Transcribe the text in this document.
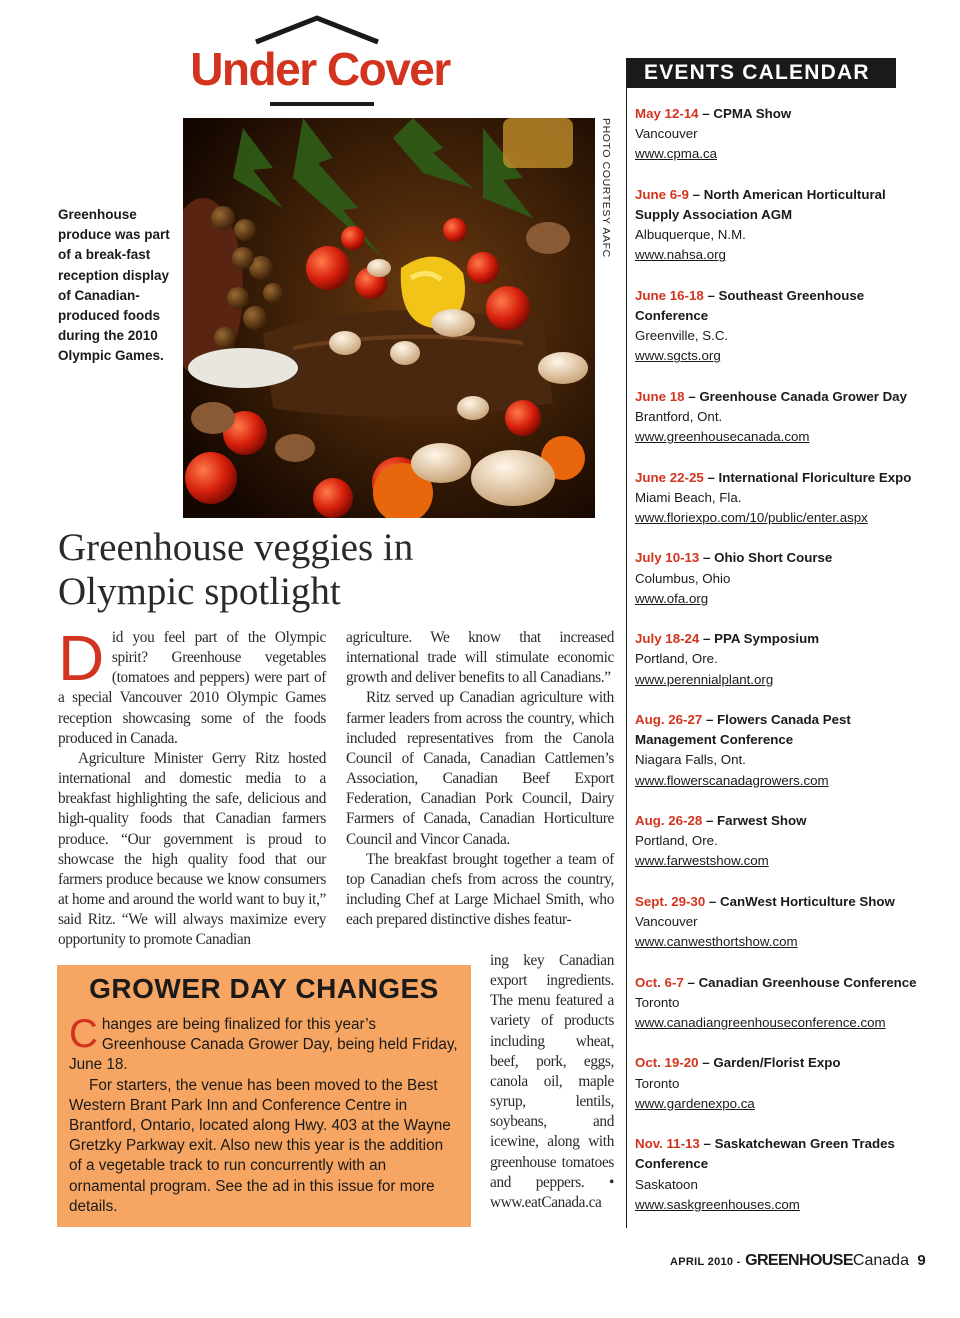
Under Cover
Greenhouse produce was part of a break-fast reception display of Canadian-produced foods during the 2010 Olympic Games.
PHOTO COURTESY AAFC
Greenhouse veggies in
Olympic spotlight

Did you feel part of the Olympic spirit? Greenhouse vegetables (tomatoes and peppers) were part of a special Vancouver 2010 Olympic Games reception showcasing some of the foods produced in Canada.

Agriculture Minister Gerry Ritz hosted international and domestic media to a breakfast highlighting the safe, delicious and high-quality foods that Canadian farmers produce. “Our government is proud to showcase the high quality food that our farmers produce because we know consumers at home and around the world want to buy it,” said Ritz. “We will always maximize every opportunity to promote Canadian

agriculture. We know that increased international trade will stimulate economic growth and deliver benefits to all Canadians.”

Ritz served up Canadian agriculture with farmer leaders from across the country, which included representatives from the Canola Council of Canada, Canadian Cattlemen’s Association, Canadian Beef Export Federation, Canadian Pork Council, Dairy Farmers of Canada, Canadian Horticulture Council and Vincor Canada.

The breakfast brought together a team of top Canadian chefs from across the country, including Chef at Large Michael Smith, who each prepared distinctive dishes featur-

ing key Canadian export ingredients. The menu featured a variety of products including wheat, beef, pork, eggs, canola oil, maple syrup, lentils, soybeans, and icewine, along with greenhouse tomatoes and peppers. • www.eatCanada.ca

GROWER DAY CHANGES

Changes are being finalized for this year’s Greenhouse Canada Grower Day, being held Friday, June 18.

For starters, the venue has been moved to the Best Western Brant Park Inn and Conference Centre in Brantford, Ontario, located along Hwy. 403 at the Wayne Gretzky Parkway exit. Also new this year is the addition of a vegetable track to run concurrently with an ornamental program. See the ad in this issue for more details.

EVENTS CALENDAR
May 12-14 – CPMA Show
Vancouver
www.cpma.ca
June 6-9 – North American Horticultural Supply Association AGM
Albuquerque, N.M.
www.nahsa.org
June 16-18 – Southeast Greenhouse Conference
Greenville, S.C.
www.sgcts.org
June 18 – Greenhouse Canada Grower Day
Brantford, Ont.
www.greenhousecanada.com
June 22-25 – International Floriculture Expo
Miami Beach, Fla.
www.floriexpo.com/10/public/enter.aspx
July 10-13 – Ohio Short Course
Columbus, Ohio
www.ofa.org
July 18-24 – PPA Symposium
Portland, Ore.
www.perennialplant.org
Aug. 26-27 – Flowers Canada Pest Management Conference
Niagara Falls, Ont.
www.flowerscanadagrowers.com
Aug. 26-28 – Farwest Show
Portland, Ore.
www.farwestshow.com
Sept. 29-30 – CanWest Horticulture Show
Vancouver
www.canwesthortshow.com
Oct. 6-7 – Canadian Greenhouse Conference
Toronto
www.canadiangreenhouseconference.com
Oct. 19-20 – Garden/Florist Expo
Toronto
www.gardenexpo.ca
Nov. 11-13 – Saskatchewan Green Trades Conference
Saskatoon
www.saskgreenhouses.com
APRIL 2010 - GREENHOUSECanada 9
